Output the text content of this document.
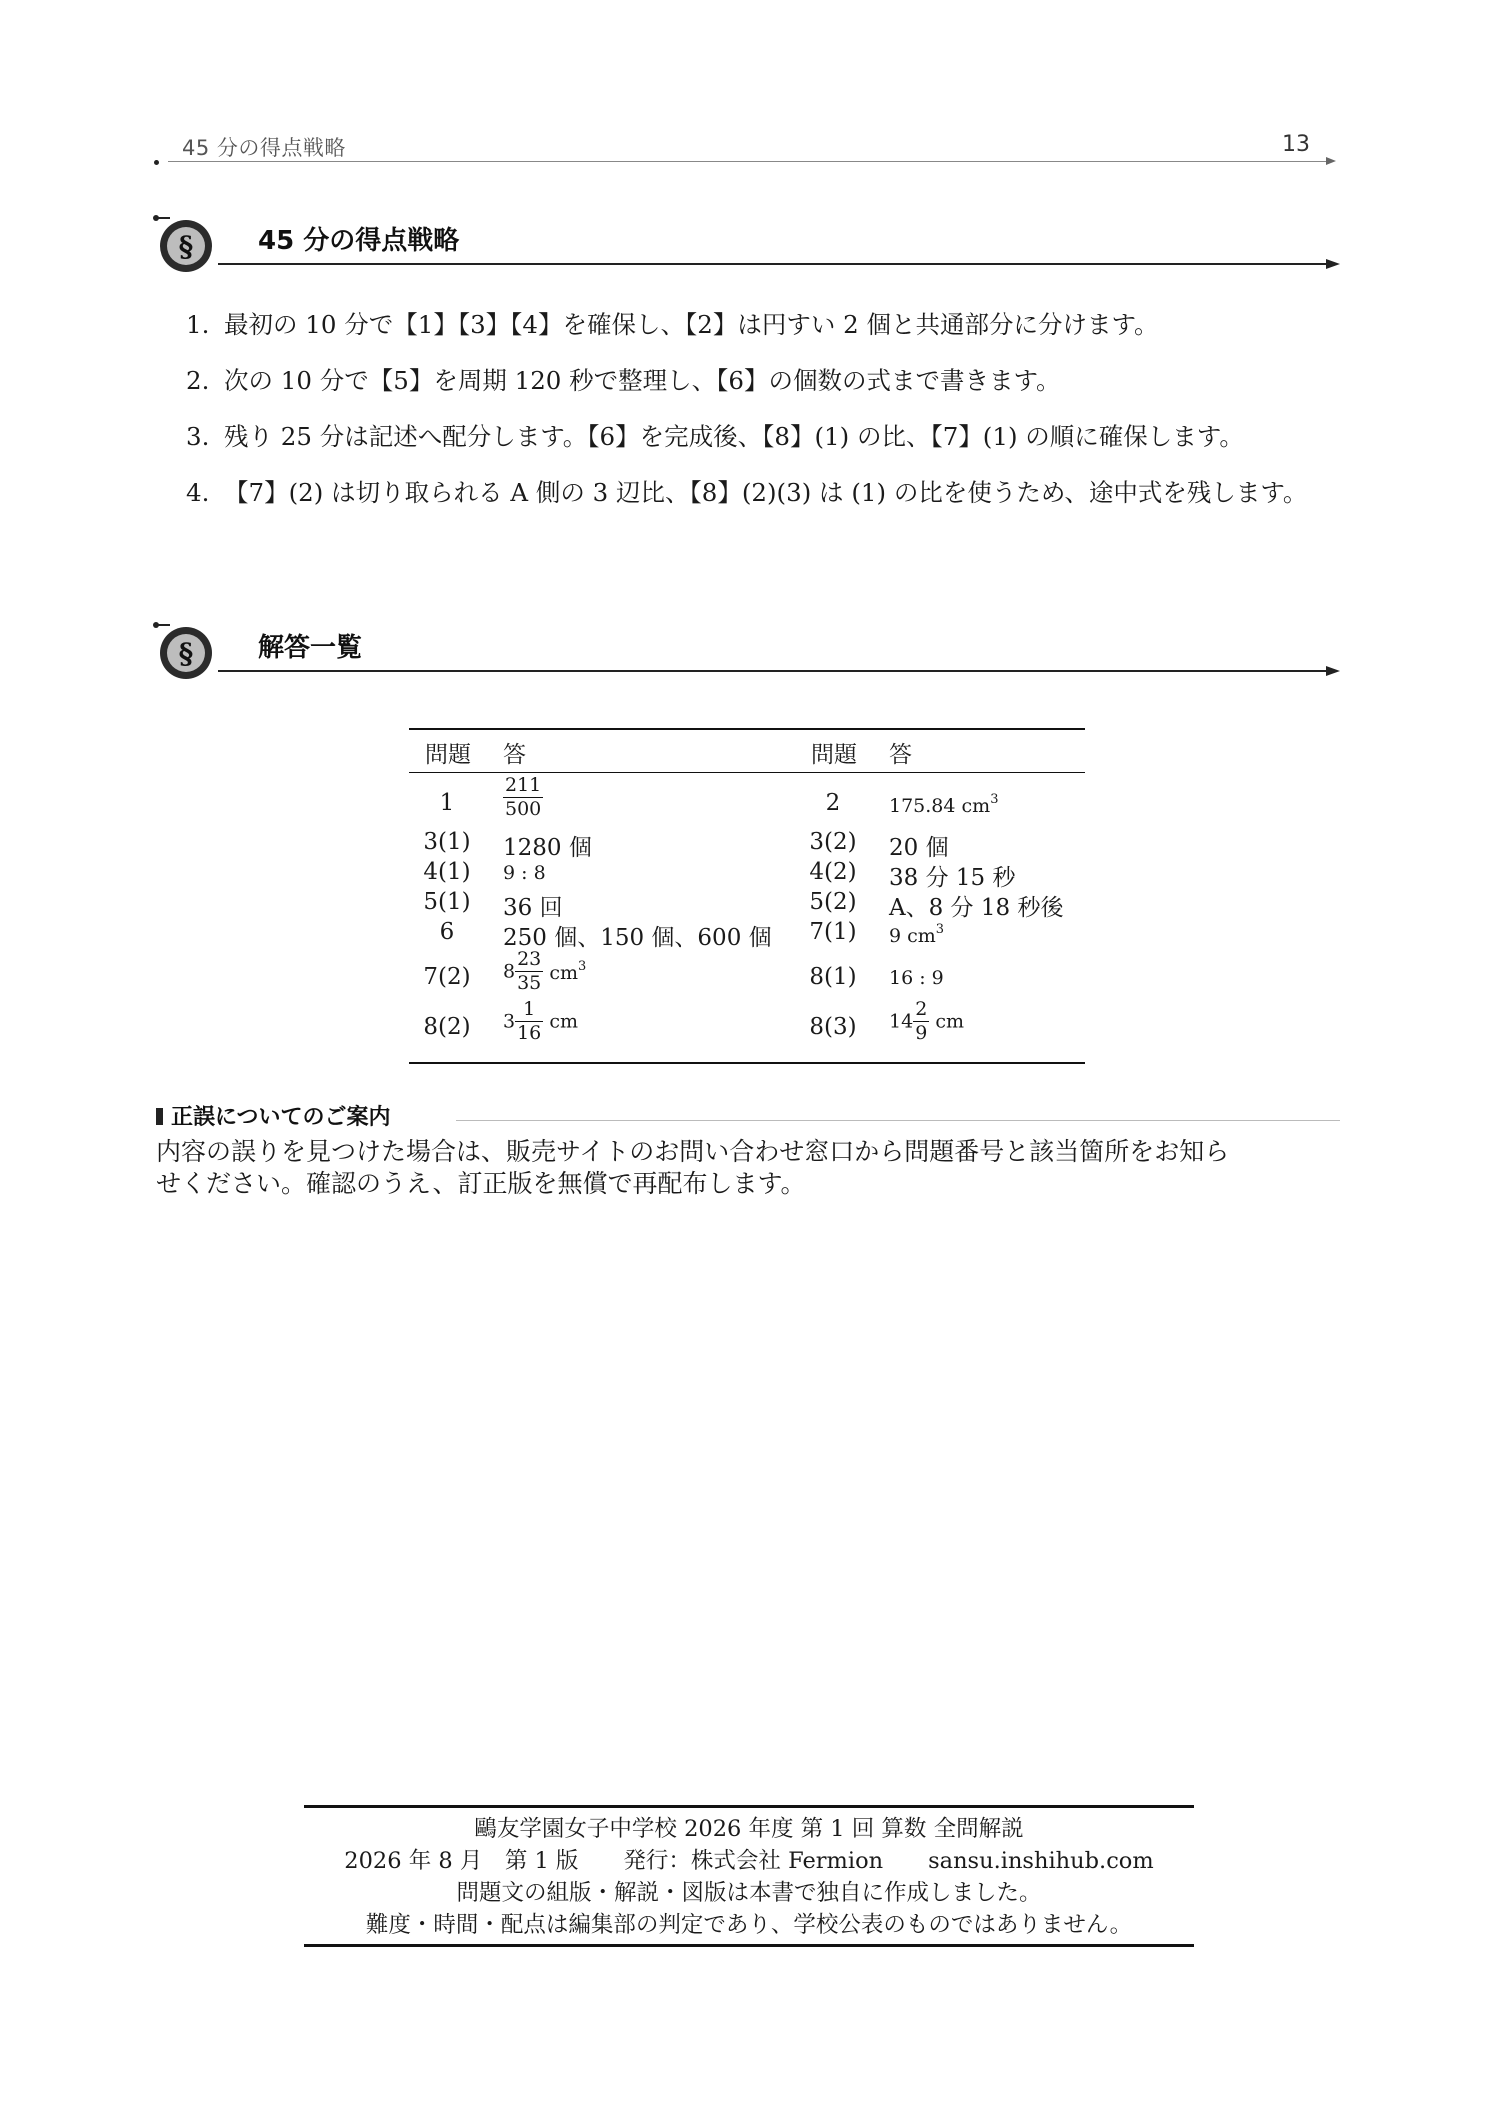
45 分の得点戦略	13
§ 45 分の得点戦略
1. 最初の 10 分で【1】【3】【4】を確保し、【2】は円すい 2 個と共通部分に分けます。
2. 次の 10 分で【5】を周期 120 秒で整理し、【6】の個数の式まで書きます。
3. 残り 25 分は記述へ配分します。【6】を完成後、【8】(1) の比、【7】(1) の順に確保します。
4. 【7】(2) は切り取られる A 側の 3 辺比、【8】(2)(3) は (1) の比を使うため、途中式を残します。
§ 解答一覧
問題 答	問題 答
1	$\frac{211}{500}$	2	175.84 $cm^3$
3(1)	1280 個	3(2)	20 個
4(1)	9 : 8	4(2)	38 分 15 秒
5(1)	36 回	5(2)	A、8 分 18 秒後
6	250 個、150 個、600 個	7(1)	9 $cm^3$
7(2)	$8 \frac{23}{35} cm^3$	8(1)	16 : 9
8(2)	$3 \frac{1}{16}$ cm	8(3)	$14 \frac{2}{9}$ cm
正誤についてのご案内
内容の誤りを見つけた場合は、販売サイトのお問い合わせ窓口から問題番号と該当箇所をお知ら
せください。確認のうえ、訂正版を無償で再配布します。
鷗友学園女子中学校 2026 年度 第 1 回 算数 全問解説
2026 年 8 月　第 1 版　　発行：株式会社 Fermion　　sansu.inshihub.com
問題文の組版・解説・図版は本書で独自に作成しました。
難度・時間・配点は編集部の判定であり、学校公表のものではありません。
